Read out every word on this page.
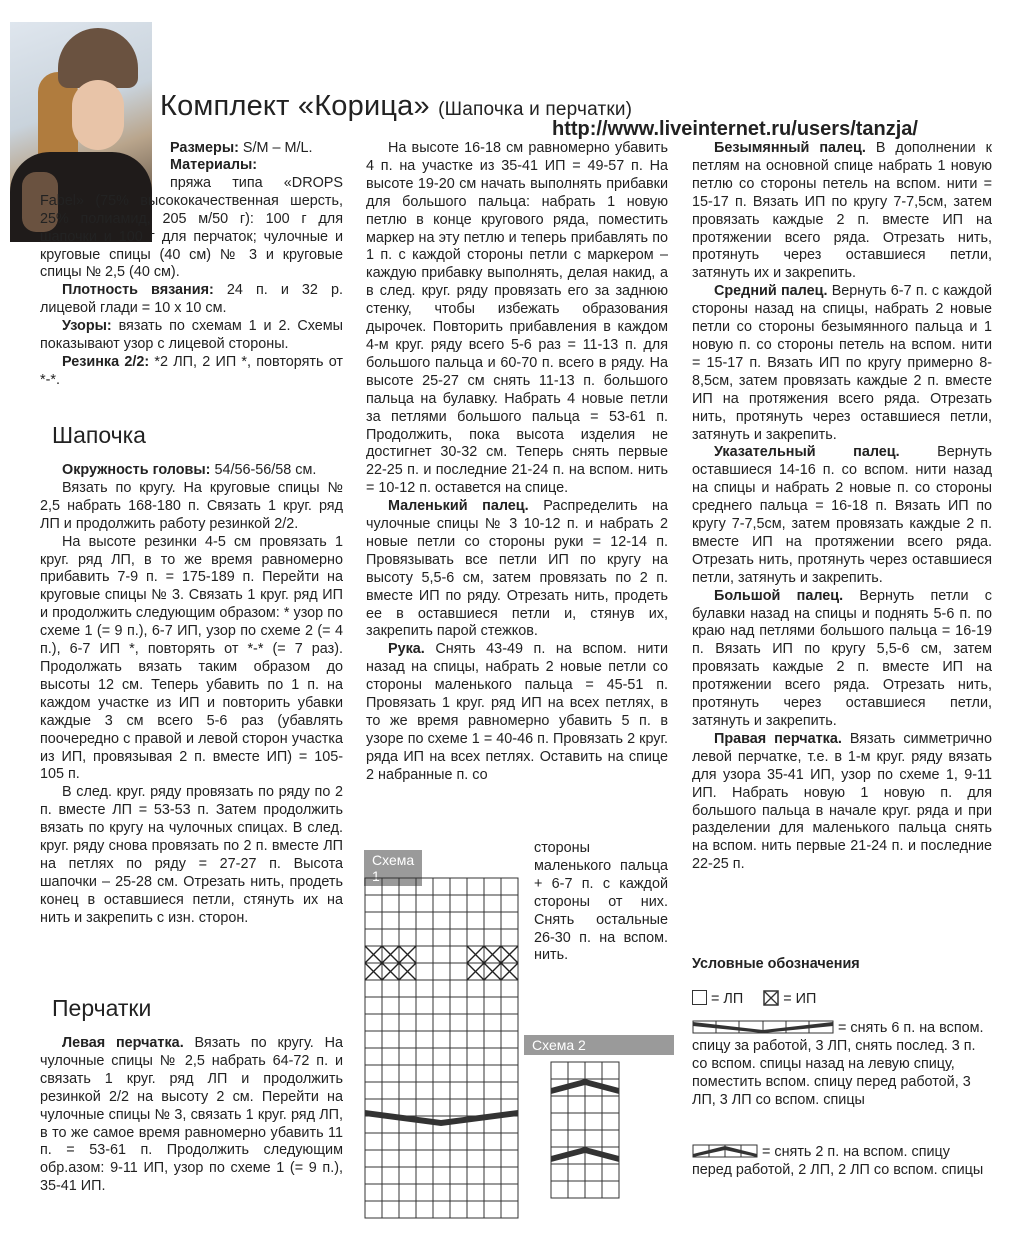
Комплект «Корица» (Шапочка и перчатки)
http://www.liveinternet.ru/users/tanzja/

Размеры: S/M – M/L.

Материалы:

пряжа типа «DROPS Fabel» (75% высококачественная шерсть, 25% полиамид, 205 м/50 г): 100 г для шапочки и 100 г для перчаток; чулочные и круговые спицы (40 см) № 3 и круговые спицы № 2,5 (40 см).

Плотность вязания: 24 п. и 32 р. лицевой глади = 10 х 10 см.

Узоры: вязать по схемам 1 и 2. Схемы показывают узор с лицевой стороны.

Резинка 2/2: *2 ЛП, 2 ИП *, повторять от *-*.

Шапочка

Окружность головы: 54/56-56/58 см.

Вязать по кругу. На круговые спицы № 2,5 набрать 168-180 п. Связать 1 круг. ряд ЛП и продолжить работу резинкой 2/2.

На высоте резинки 4-5 см провязать 1 круг. ряд ЛП, в то же время равномерно прибавить 7-9 п. = 175-189 п. Перейти на круговые спицы № 3. Связать 1 круг. ряд ИП и продолжить следующим образом: * узор по схеме 1 (= 9 п.), 6-7 ИП, узор по схеме 2 (= 4 п.), 6-7 ИП *, повторять от *-* (= 7 раз). Продолжать вязать таким образом до высоты 12 см. Теперь убавить по 1 п. на каждом участке из ИП и повторить убавки каждые 3 см всего 5-6 раз (убавлять поочередно с правой и левой сторон участка из ИП, провязывая 2 п. вместе ИП) = 105-105 п.

В след. круг. ряду провязать по ряду по 2 п. вместе ЛП = 53-53 п. Затем продолжить вязать по кругу на чулочных спицах. В след. круг. ряду снова провязать по 2 п. вместе ЛП на петлях по ряду = 27-27 п. Высота шапочки – 25-28 см. Отрезать нить, продеть конец в оставшиеся петли, стянуть их на нить и закрепить с изн. сторон.

Перчатки

Левая перчатка. Вязать по кругу. На чулочные спицы № 2,5 набрать 64-72 п. и связать 1 круг. ряд ЛП и продолжить резинкой 2/2 на высоту 2 см. Перейти на чулочные спицы № 3, связать 1 круг. ряд ЛП, в то же самое время равномерно убавить 11 п. = 53-61 п. Продолжить следующим обр.азом: 9-11 ИП, узор по схеме 1 (= 9 п.), 35-41 ИП.

На высоте 16-18 см равномерно убавить 4 п. на участке из 35-41 ИП = 49-57 п. На высоте 19-20 см начать выполнять прибавки для большого пальца: набрать 1 новую петлю в конце кругового ряда, поместить маркер на эту петлю и теперь прибавлять по 1 п. с каждой стороны петли с маркером – каждую прибавку выполнять, делая накид, а в след. круг. ряду провязать его за заднюю стенку, чтобы избежать образования дырочек. Повторить прибавления в каждом 4-м круг. ряду всего 5-6 раз = 11-13 п. для большого пальца и 60-70 п. всего в ряду. На высоте 25-27 см снять 11-13 п. большого пальца на булавку. Набрать 4 новые петли за петлями большого пальца = 53-61 п. Продолжить, пока высота изделия не достигнет 30-32 см. Теперь снять первые 22-25 п. и последние 21-24 п. на вспом. нить = 10-12 п. оставется на спице.

Маленький палец. Распределить на чулочные спицы № 3 10-12 п. и набрать 2 новые петли со стороны руки = 12-14 п. Провязывать все петли ИП по кругу на высоту 5,5-6 см, затем провязать по 2 п. вместе ИП по ряду. Отрезать нить, продеть ее в оставшиеся петли и, стянув их, закрепить парой стежков.

Рука. Снять 43-49 п. на вспом. нити назад на спицы, набрать 2 новые петли со стороны маленького пальца = 45-51 п. Провязать 1 круг. ряд ИП на всех петлях, в то же время равномерно убавить 5 п. в узоре по схеме 1 = 40-46 п. Провязать 2 круг. ряда ИП на всех петлях. Оставить на спице 2 набранные п. со

стороны маленького пальца + 6-7 п. с каждой стороны от них. Снять остальные 26-30 п. на вспом. нить.

Схема 1
Схема 2

Безымянный палец. В дополнении к петлям на основной спице набрать 1 новую петлю со стороны петель на вспом. нити = 15-17 п. Вязать ИП по кругу 7-7,5см, затем провязать каждые 2 п. вместе ИП на протяжении всего ряда. Отрезать нить, протянуть через оставшиеся петли, затянуть их и закрепить.

Средний палец. Вернуть 6-7 п. с каждой стороны назад на спицы, набрать 2 новые петли со стороны безымянного пальца и 1 новую п. со стороны петель на вспом. нити = 15-17 п. Вязать ИП по кругу примерно 8-8,5см, затем провязать каждые 2 п. вместе ИП на протяжения всего ряда. Отрезать нить, протянуть через оставшиеся петли, затянуть и закрепить.

Указательный палец.	Вернуть оставшиеся 14-16 п. со вспом. нити назад на спицы и набрать 2 новые п. со стороны среднего пальца = 16-18 п. Вязать ИП по кругу 7-7,5см, затем провязать каждые 2 п. вместе ИП на протяжении всего ряда. Отрезать нить, протянуть через оставшиеся петли, затянуть и закрепить.

Большой палец. Вернуть петли с булавки назад на спицы и поднять 5-6 п. по краю над петлями большого пальца = 16-19 п. Вязать ИП по кругу 5,5-6 см, затем провязать каждые 2 п. вместе ИП на протяжении всего ряда. Отрезать нить, протянуть через оставшиеся петли, затянуть и закрепить.

Правая перчатка. Вязать симметрично левой перчатке, т.е. в 1-м круг. ряду вязать для узора 35-41 ИП, узор по схеме 1, 9-11 ИП. Набрать новую 1 новую п. для большого пальца в начале круг. ряда и при разделении для маленького пальца снять на вспом. нить первые 21-24 п. и последние 22-25 п.

Условные обозначения
= ЛП	= ИП
= снять 6 п. на вспом. спицу за работой, 3 ЛП, снять послед. 3 п. со вспом. спицы назад на левую спицу, поместить вспом. спицу перед работой, 3 ЛП, 3 ЛП со вспом. спицы
= снять 2 п. на вспом. спицу перед работой, 2 ЛП, 2 ЛП со вспом. спицы
